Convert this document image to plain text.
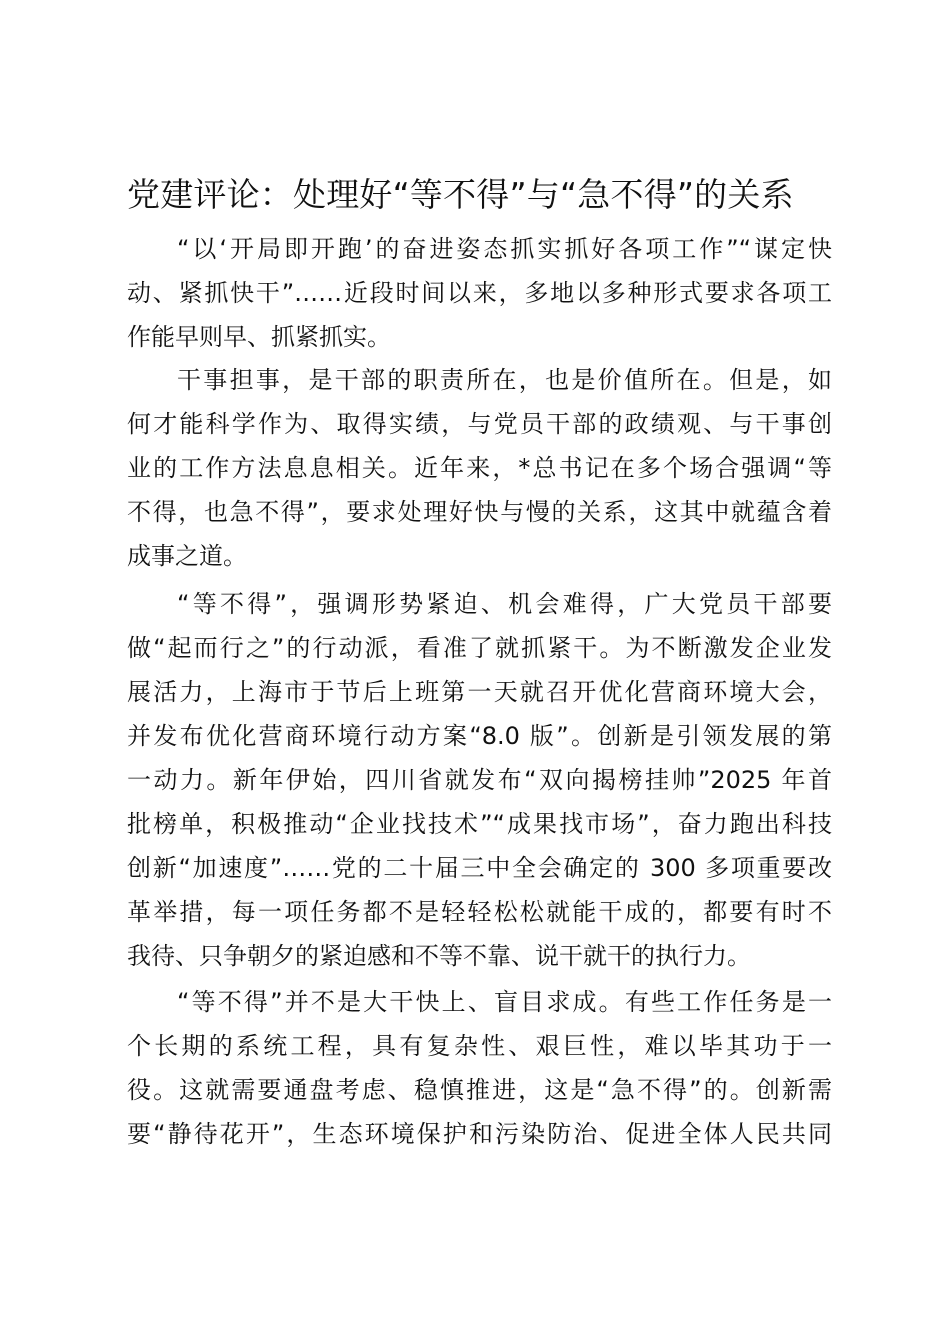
党建评论：处理好“等不得”与“急不得”的关系
“以‘开局即开跑’的奋进姿态抓实抓好各项工作”“谋定快
动、紧抓快干”……近段时间以来，多地以多种形式要求各项工
作能早则早、抓紧抓实。
干事担事，是干部的职责所在，也是价值所在。但是，如
何才能科学作为、取得实绩，与党员干部的政绩观、与干事创
业的工作方法息息相关。近年来，*总书记在多个场合强调“等
不得，也急不得”，要求处理好快与慢的关系，这其中就蕴含着
成事之道。
“等不得”，强调形势紧迫、机会难得，广大党员干部要
做“起而行之”的行动派，看准了就抓紧干。为不断激发企业发
展活力，上海市于节后上班第一天就召开优化营商环境大会，
并发布优化营商环境行动方案“8.0 版”。创新是引领发展的第
一动力。新年伊始，四川省就发布“双向揭榜挂帅”2025 年首
批榜单，积极推动“企业找技术”“成果找市场”，奋力跑出科技
创新“加速度”……党的二十届三中全会确定的 300 多项重要改
革举措，每一项任务都不是轻轻松松就能干成的，都要有时不
我待、只争朝夕的紧迫感和不等不靠、说干就干的执行力。
“等不得”并不是大干快上、盲目求成。有些工作任务是一
个长期的系统工程，具有复杂性、艰巨性，难以毕其功于一
役。这就需要通盘考虑、稳慎推进，这是“急不得”的。创新需
要“静待花开”，生态环境保护和污染防治、促进全体人民共同
